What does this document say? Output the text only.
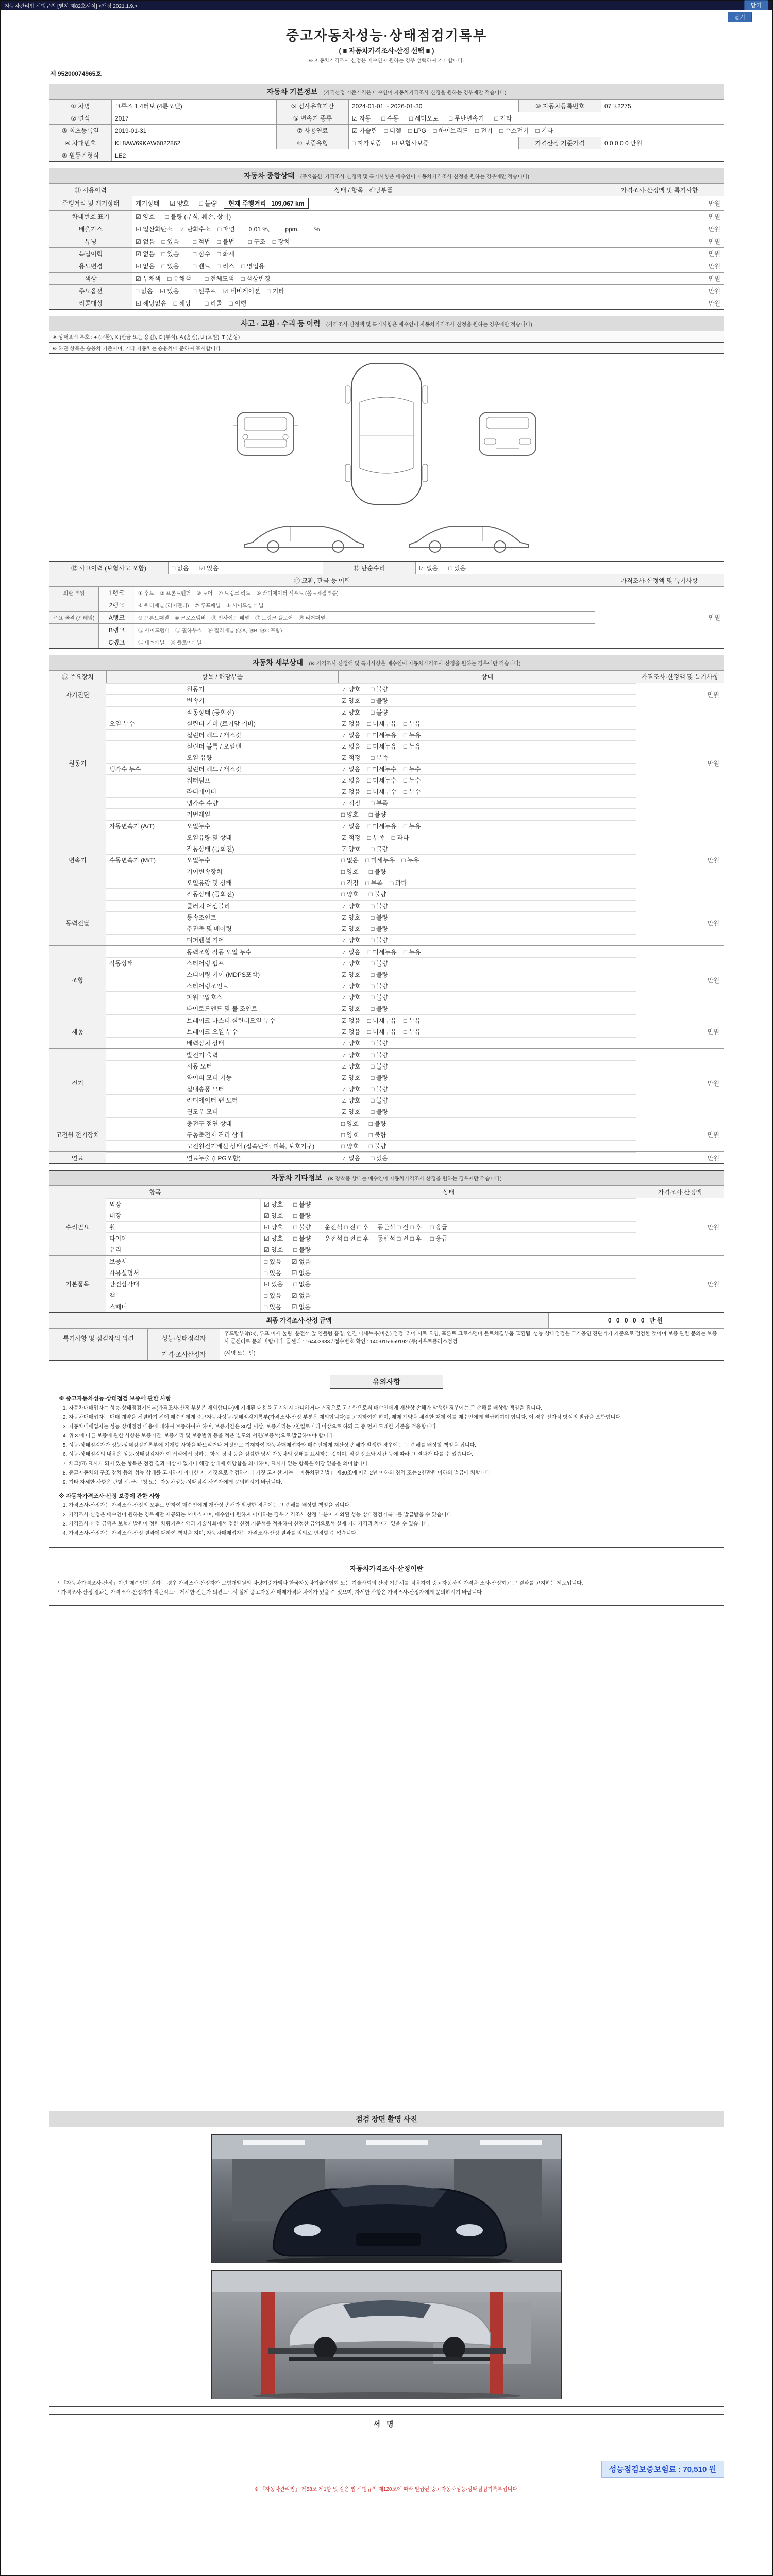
자동차관리법 시행규칙 [별지 제82호서식] <개정 2021.1.9.>	닫기
닫기
중고자동차성능·상태점검기록부
( ■ 자동차가격조사·산정 선택 ■ )
※ 자동차가격조사·산정은 매수인이 원하는 경우 선택하여 기재합니다.
제 95200074965호
자동차 기본정보 (가격산정 기준가격은 매수인이 자동차가격조사·산정을 원하는 경우에만 적습니다)
① 차명	크루즈 1.4터보 (4륜모델)	⑤ 검사유효기간	2024-01-01 ~ 2026-01-30	⑨ 자동차등록번호	07고2275
② 연식	2017	⑥ 변속기 종류	☑ 자동      □ 수동      □ 세미오토      □ 무단변속기      □ 기타
③ 최초등록일	2019-01-31	⑦ 사용연료	☑ 가솔린    □ 디젤    □ LPG    □ 하이브리드    □ 전기    □ 수소전기    □ 기타
④ 차대번호	KL8AW69KAW6022862	⑩ 보증유형	□ 자가보증      ☑ 보험사보증	가격산정 기준가격	0 0 0 0 0 만원
⑧ 원동기형식	LE2
자동차 종합상태 (주요옵션, 가격조사·산정액 및 특기사항은 매수인이 자동차가격조사·산정을 원하는 경우에만 적습니다)
⑪ 사용이력	상태 / 항목 · 해당부품	가격조사·산정액 및 특기사항
주행거리 및 계기상태	계기상태      ☑ 양호      □ 불량	현재 주행거리   109,067 km	만원
차대번호 표기	☑ 양호      □ 불량 (부식, 훼손, 상이)	만원
배출가스	☑ 일산화탄소    ☑ 탄화수소    □ 매연        0.01 %,         ppm,         %	만원
튜닝	☑ 없음    □ 있음        □ 적법    □ 불법        □ 구조    □ 장치	만원
특별이력	☑ 없음    □ 있음        □ 침수    □ 화재	만원
용도변경	☑ 없음    □ 있음        □ 렌트    □ 리스    □ 영업용	만원
색상	☑ 무채색    □ 유채색        □ 전체도색    □ 색상변경	만원
주요옵션	□ 없음    ☑ 있음        □ 썬루프    ☑ 네비게이션    □ 기타	만원
리콜대상	☑ 해당없음    □ 해당        □ 리콜    □ 이행	만원
사고 · 교환 · 수리 등 이력 (가격조사·산정액 및 특기사항은 매수인이 자동차가격조사·산정을 원하는 경우에만 적습니다)
※ 상태표시 부호 : ● (교환), X (판금 또는 용접), C (부식), A (흠집), U (요철), T (손상)
※ 하단 항목은 승용차 기준이며, 기타 자동차는 승용차에 준하여 표시합니다.
⑫ 사고이력 (보험사고 포함)	□ 없음      ☑ 있음	⑬ 단순수리	☑ 없음      □ 있음
⑭ 교환, 판금 등 이력	가격조사·산정액 및 특기사항
외판 부위	1랭크	① 후드    ② 프론트펜더    ③ 도어    ④ 트렁크 리드    ⑤ 라디에이터 서포트 (볼트체결부품)
2랭크	⑥ 쿼터패널 (리어펜더)    ⑦ 루프패널    ⑧ 사이드실 패널
주요 골격 (프레임)	A랭크	⑨ 프론트패널    ⑩ 크로스멤버    ⑪ 인사이드 패널    ⑰ 트렁크 플로어    ⑱ 리어패널
B랭크	⑫ 사이드멤버    ⑬ 휠하우스    ⑭ 필러패널 (⑭A, ⑭B, ⑭C 포함)
C랭크	⑮ 대쉬패널    ⑯ 플로어패널
만원
자동차 세부상태 (※ 가격조사·산정액 및 특기사항은 매수인이 자동차가격조사·산정을 원하는 경우에만 적습니다)
⑮ 주요장치	항목 / 해당부품	상태	가격조사·산정액 및 특기사항
자기진단
원동기	☑ 양호      □ 불량
변속기	☑ 양호      □ 불량
만원
원동기
작동상태 (공회전)	☑ 양호      □ 불량
오일 누수	실린더 커버 (로커암 커버)	☑ 없음    □ 미세누유    □ 누유
실린더 헤드 / 개스킷	☑ 없음    □ 미세누유    □ 누유
실린더 블록 / 오일팬	☑ 없음    □ 미세누유    □ 누유
오일 유량	☑ 적정      □ 부족
냉각수 누수	실린더 헤드 / 개스킷	☑ 없음    □ 미세누수    □ 누수
워터펌프	☑ 없음    □ 미세누수    □ 누수
라디에이터	☑ 없음    □ 미세누수    □ 누수
냉각수 수량	☑ 적정      □ 부족
커먼레일	□ 양호      □ 불량
만원
변속기
자동변속기 (A/T)	오일누수	☑ 없음    □ 미세누유    □ 누유
오일유량 및 상태	☑ 적정    □ 부족    □ 과다
작동상태 (공회전)	☑ 양호      □ 불량
수동변속기 (M/T)	오일누수	□ 없음    □ 미세누유    □ 누유
기어변속장치	□ 양호      □ 불량
오일유량 및 상태	□ 적정    □ 부족    □ 과다
작동상태 (공회전)	□ 양호      □ 불량
만원
동력전달
클러치 어셈블리	☑ 양호      □ 불량
등속조인트	☑ 양호      □ 불량
추진축 및 베어링	☑ 양호      □ 불량
디퍼렌셜 기어	☑ 양호      □ 불량
만원
조향
동력조향 작동 오일 누수	☑ 없음    □ 미세누유    □ 누유
작동상태	스티어링 펌프	☑ 양호      □ 불량
스티어링 기어 (MDPS포함)	☑ 양호      □ 불량
스티어링조인트	☑ 양호      □ 불량
파워고압호스	☑ 양호      □ 불량
타이로드엔드 및 볼 조인트	☑ 양호      □ 불량
만원
제동
브레이크 마스터 실린더오일 누수	☑ 없음    □ 미세누유    □ 누유
브레이크 오일 누수	☑ 없음    □ 미세누유    □ 누유
배력장치 상태	☑ 양호      □ 불량
만원
전기
발전기 출력	☑ 양호      □ 불량
시동 모터	☑ 양호      □ 불량
와이퍼 모터 기능	☑ 양호      □ 불량
실내송풍 모터	☑ 양호      □ 불량
라디에이터 팬 모터	☑ 양호      □ 불량
윈도우 모터	☑ 양호      □ 불량
만원
고전원 전기장치
충전구 절연 상태	□ 양호      □ 불량
구동축전지 격리 상태	□ 양호      □ 불량
고전원전기배선 상태 (접속단자, 피복, 보호기구)	□ 양호      □ 불량
만원
연료	연료누출 (LPG포함)	☑ 없음      □ 있음	만원
자동차 기타정보 (※ 장착품 상태는 매수인이 자동차가격조사·산정을 원하는 경우에만 적습니다)
항목	상태	가격조사·산정액
수리필요
외장	☑ 양호      □ 불량
내장	☑ 양호      □ 불량
휠	☑ 양호      □ 불량        운전석 □ 전 □ 후     동반석 □ 전 □ 후     □ 응급
타이어	☑ 양호      □ 불량        운전석 □ 전 □ 후     동반석 □ 전 □ 후     □ 응급
유리	☑ 양호      □ 불량
만원
기본품목
보증서	□ 있음      ☑ 없음
사용설명서	□ 있음      ☑ 없음
안전삼각대	☑ 있음      □ 없음
잭	□ 있음      ☑ 없음
스패너	□ 있음      ☑ 없음
만원
최종 가격조사·산정 금액	0 0 0 0 0 만원
특기사항 및 점검자의 의견	성능·상태점검자
후드탈부착(G), 루프 미세 눌림, 운전석 앞 엠블럼 흠집, 엔진 미세누유(비침) 점검, 리어 시트 오염, 프론트 크로스멤버 볼트체결부품 교환됨. 성능·상태점검은 국가공인 진단기기 기준으로 점검한 것이며 보증 관련 문의는 보증사 콜센터로 문의 바랍니다. 콜센터 : 1644-3933 / 접수번호 확인 : 140-015-659192 (주)아우토플러스점검
가격·조사산정자	(서명 또는 인)
유의사항
※ 중고자동차성능·상태점검 보증에 관한 사항
1. 자동차매매업자는 성능·상태점검기록부(가격조사·산정 부분은 제외합니다)에 기재된 내용을 고지하지 아니하거나 거짓으로 고지함으로써 매수인에게 재산상 손해가 발생한 경우에는 그 손해를 배상할 책임을 집니다.
2. 자동차매매업자는 매매 계약을 체결하기 전에 매수인에게 중고자동차성능·상태점검기록부(가격조사·산정 부분은 제외합니다)를 고지하여야 하며, 매매 계약을 체결한 때에 이를 매수인에게 발급하여야 합니다. 이 경우 전자적 방식의 발급을 포함합니다.
3. 자동차매매업자는 성능·상태점검 내용에 대하여 보증하여야 하며, 보증기간은 30일 이상, 보증거리는 2천킬로미터 이상으로 하되 그 중 먼저 도래한 기준을 적용합니다.
4. 위 3.에 따른 보증에 관한 사항은 보증기간, 보증거리 및 보증범위 등을 적은 별도의 서면(보증서)으로 발급하여야 합니다.
5. 성능·상태점검자가 성능·상태점검기록부에 기재할 사항을 빠뜨리거나 거짓으로 기재하여 자동차매매업자와 매수인에게 재산상 손해가 발생한 경우에는 그 손해를 배상할 책임을 집니다.
6. 성능·상태점검의 내용은 성능·상태점검자가 이 서식에서 정하는 항목·장치 등을 점검한 당시 자동차의 상태를 표시하는 것이며, 점검 장소와 시간 등에 따라 그 결과가 다를 수 있습니다.
7. 체크(☑) 표시가 되어 있는 항목은 점검 결과 이상이 없거나 해당 상태에 해당함을 의미하며, 표시가 없는 항목은 해당 없음을 의미합니다.
8. 중고자동차의 구조·장치 등의 성능·상태를 고지하지 아니한 자, 거짓으로 점검하거나 거짓 고지한 자는 「자동차관리법」 제80조에 따라 2년 이하의 징역 또는 2천만원 이하의 벌금에 처합니다.
9. 기타 자세한 사항은 관할 시·군·구청 또는 자동차성능·상태점검 사업자에게 문의하시기 바랍니다.
※ 자동차가격조사·산정 보증에 관한 사항
1. 가격조사·산정자는 가격조사·산정의 오류로 인하여 매수인에게 재산상 손해가 발생한 경우에는 그 손해를 배상할 책임을 집니다.
2. 가격조사·산정은 매수인이 원하는 경우에만 제공되는 서비스이며, 매수인이 원하지 아니하는 경우 가격조사·산정 부분이 제외된 성능·상태점검기록부를 발급받을 수 있습니다.
3. 가격조사·산정 금액은 보험개발원이 정한 차량기준가액과 기술사회에서 정한 산정 기준서를 적용하여 산정한 금액으로서 실제 거래가격과 차이가 있을 수 있습니다.
4. 가격조사·산정자는 가격조사·산정 결과에 대하여 책임을 지며, 자동차매매업자는 가격조사·산정 결과를 임의로 변경할 수 없습니다.
자동차가격조사·산정이란
* 「자동차가격조사·산정」이란 매수인이 원하는 경우 가격조사·산정자가 보험개발원의 차량기준가액과 한국자동차기술인협회 또는 기술사회의 산정 기준서를 적용하여 중고자동차의 가격을 조사·산정하고 그 결과를 고지하는 제도입니다.
* 가격조사·산정 결과는 가격조사·산정자가 객관적으로 제시한 전문가 의견으로서 실제 중고자동차 매매가격과 차이가 있을 수 있으며, 자세한 사항은 가격조사·산정자에게 문의하시기 바랍니다.
점검 장면 촬영 사진
서명
성능점검보증보험료 : 70,510 원
※ 「자동차관리법」 제58조 제1항 및 같은 법 시행규칙 제120조에 따라 발급된 중고자동차성능·상태점검기록부입니다.
